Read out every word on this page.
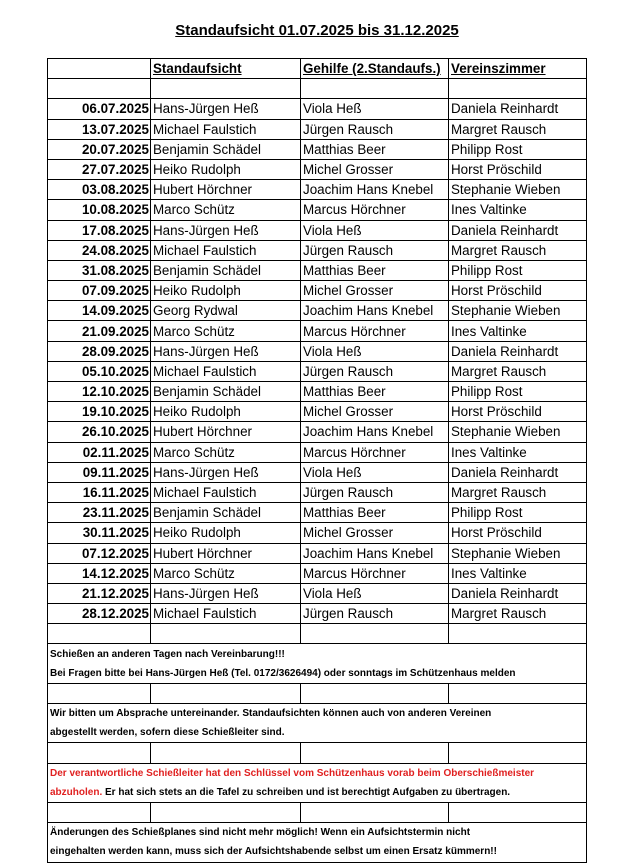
Standaufsicht 01.07.2025 bis 31.12.2025
	Standaufsicht	Gehilfe (2.Standaufs.)	Vereinszimmer

06.07.2025	Hans-Jürgen Heß	Viola Heß	Daniela Reinhardt
13.07.2025	Michael Faulstich	Jürgen Rausch	Margret Rausch
20.07.2025	Benjamin Schädel	Matthias Beer	Philipp Rost
27.07.2025	Heiko Rudolph	Michel Grosser	Horst Pröschild
03.08.2025	Hubert Hörchner	Joachim Hans Knebel	Stephanie Wieben
10.08.2025	Marco Schütz	Marcus Hörchner	Ines Valtinke
17.08.2025	Hans-Jürgen Heß	Viola Heß	Daniela Reinhardt
24.08.2025	Michael Faulstich	Jürgen Rausch	Margret Rausch
31.08.2025	Benjamin Schädel	Matthias Beer	Philipp Rost
07.09.2025	Heiko Rudolph	Michel Grosser	Horst Pröschild
14.09.2025	Georg Rydwal	Joachim Hans Knebel	Stephanie Wieben
21.09.2025	Marco Schütz	Marcus Hörchner	Ines Valtinke
28.09.2025	Hans-Jürgen Heß	Viola Heß	Daniela Reinhardt
05.10.2025	Michael Faulstich	Jürgen Rausch	Margret Rausch
12.10.2025	Benjamin Schädel	Matthias Beer	Philipp Rost
19.10.2025	Heiko Rudolph	Michel Grosser	Horst Pröschild
26.10.2025	Hubert Hörchner	Joachim Hans Knebel	Stephanie Wieben
02.11.2025	Marco Schütz	Marcus Hörchner	Ines Valtinke
09.11.2025	Hans-Jürgen Heß	Viola Heß	Daniela Reinhardt
16.11.2025	Michael Faulstich	Jürgen Rausch	Margret Rausch
23.11.2025	Benjamin Schädel	Matthias Beer	Philipp Rost
30.11.2025	Heiko Rudolph	Michel Grosser	Horst Pröschild
07.12.2025	Hubert Hörchner	Joachim Hans Knebel	Stephanie Wieben
14.12.2025	Marco Schütz	Marcus Hörchner	Ines Valtinke
21.12.2025	Hans-Jürgen Heß	Viola Heß	Daniela Reinhardt
28.12.2025	Michael Faulstich	Jürgen Rausch	Margret Rausch

Schießen an anderen Tagen nach Vereinbarung!!!			
Bei Fragen bitte bei Hans-Jürgen Heß (Tel. 0172/3626494) oder sonntags im Schützenhaus melden			

Wir bitten um Absprache untereinander. Standaufsichten können auch von anderen Vereinen			
abgestellt werden, sofern diese Schießleiter sind.			

Der verantwortliche Schießleiter hat den Schlüssel vom Schützenhaus vorab beim Oberschießmeister			
abzuholen. Er hat sich stets an die Tafel zu schreiben und ist berechtigt Aufgaben zu übertragen.			

Änderungen des Schießplanes sind nicht mehr möglich! Wenn ein Aufsichtstermin nicht			
eingehalten werden kann, muss sich der Aufsichtshabende selbst um einen Ersatz kümmern!!			
